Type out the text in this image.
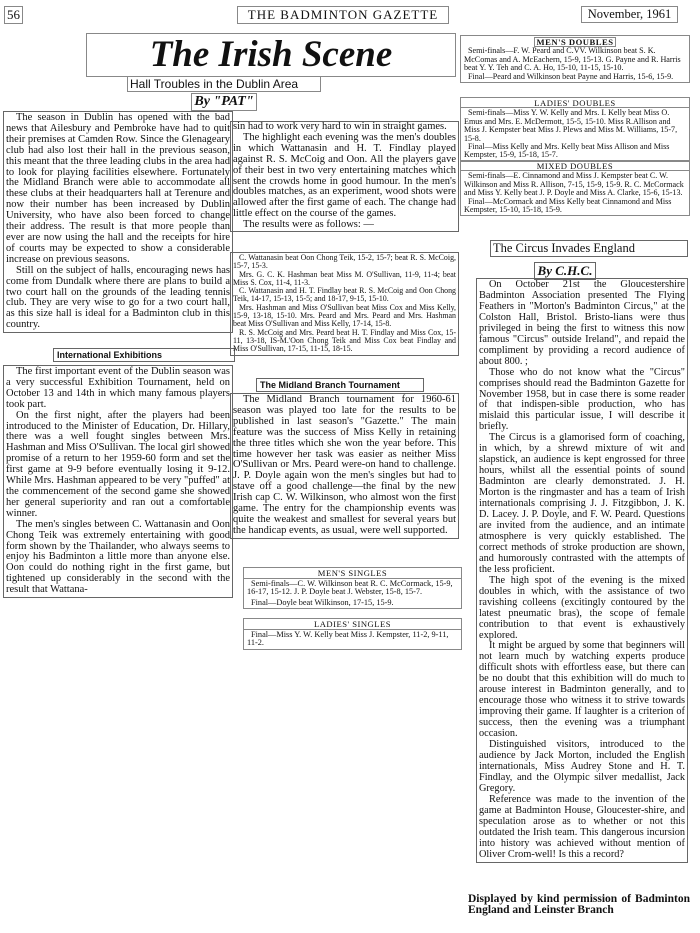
56	THE BADMINTON GAZETTE	November, 1961
The Irish Scene
Hall Troubles in the Dublin Area
By "PAT"

The season in Dublin has opened with the bad news that Ailesbury and Pembroke have had to quit their premises at Camden Row. Since the Glenageary club had also lost their hall in the previous season, this meant that the three leading clubs in the area had to look for playing facilities elsewhere. Fortunately the Midland Branch were able to accommodate all these clubs at their headquarters hall at Terenure and now their number has been increased by Dublin University, who have also been forced to change their address. The result is that more people than ever are now using the hall and the receipts for hire of courts may be expected to show a considerable increase on previous seasons.

Still on the subject of halls, encouraging news has come from Dundalk where there are plans to build a two court hall on the grounds of the leading tennis club. They are very wise to go for a two court hall, as this size hall is ideal for a Badminton club in this country.

International Exhibitions

The first important event of the Dublin season was a very successful Exhibition Tournament, held on October 13 and 14th in which many famous players took part.

On the first night, after the players had been introduced to the Minister of Education, Dr. Hillary, there was a well fought singles between Mrs. Hashman and Miss O'Sullivan. The local girl showed promise of a return to her 1959-60 form and set the first game at 9-9 before eventually losing it 9-12. While Mrs. Hashman appeared to be very "puffed" at the commencement of the second game she showed her general superiority and ran out a comfortable winner.

The men's singles between C. Wattanasin and Oon Chong Teik was extremely entertaining with good form shown by the Thailander, who always seems to enjoy his Badminton a little more than anyone else. Oon could do nothing right in the first game, but tightened up considerably in the second with the result that Wattana-

sin had to work very hard to win in straight games.

The highlight each evening was the men's doubles in which Wattanasin and H. T. Findlay played against R. S. McCoig and Oon. All the players gave of their best in two very entertaining matches which sent the crowds home in good humour. In the men's doubles matches, as an experiment, wood shots were allowed after the first game of each. The change had little effect on the course of the games.

The results were as follows: —

C. Wattanasin beat Oon Chong Teik, 15-2, 15-7; beat R. S. McCoig, 15-7, 15-3.

Mrs. G. C. K. Hashman beat Miss M. O'Sullivan, 11-9, 11-4; beat Miss S. Cox, 11-4, 11-3.

C. Wattanasin and H. T. Findlay beat R. S. McCoig and Oon Chong Teik, 14-17, 15-13, 15-5; and 18-17, 9-15, 15-10.

Mrs. Hashman and Miss O'Sullivan beat Miss Cox and Miss Kelly, 15-9, 13-18, 15-10. Mrs. Peard and Mrs. Peard and Mrs. Hashman beat Miss O'Sullivan and Miss Kelly, 17-14, 15-8.

R. S. McCoig and Mrs. Peard beat H. T. Findlay and Miss Cox, 15-11, 13-18, IS-M.'Oon Chong Teik and Miss Cox beat Findlay and Miss O'Sullivan, 17-15, 11-15, 18-15.

The Midland Branch Tournament

The Midland Branch tournament for 1960-61 season was played too late for the results to be published in last season's "Gazette." The main feature was the success of Miss Kelly in retaining the three titles which she won the year before. This time however her task was easier as neither Miss O'Sullivan or Mrs. Peard were-on hand to challenge. J. P. Doyle again won the men's singles but had to stave off a good challenge—the final by the new Irish cap C. W. Wilkinson, who almost won the first game. The entry for the championship events was quite the weakest and smallest for several years but the handicap events, as usual, were well supported.

MEN'S SINGLES

Semi-finals—C. W. Wilkinson beat R. C. McCormack, 15-9, 16-17, 15-12. J. P. Doyle beat J. Webster, 15-8, 15-7.

Final—Doyle beat Wilkinson, 17-15, 15-9.

LADIES' SINGLES

Final—Miss Y. W. Kelly beat Miss J. Kempster, 11-2, 9-11, 11-2.

MEN'S DOUBLES

Semi-finals—F. W. Peard and C.VV. Wilkinson beat S. K. McComas and A. McEachern, 15-9, 15-13. G. Payne and R. Harris beat Y. Y. Teh and C. A. Ho, 15-10, 11-15, 15-10.

Final—Peard and Wilkinson beat Payne and Harris, 15-6, 15-9.

LADIES' DOUBLES

Semi-finals—Miss Y. W. Kelly and Mrs. I. Kelly beat Miss O. Emus and Mrs. E. McDermott, 15-5, 15-10. Miss R.Allison and Miss J. Kempster beat Miss J. Plews and Miss M. Williams, 15-7, 15-8.

Final—Miss Kelly and Mrs. Kelly beat Miss Allison and Miss Kempster, 15-9, 15-18, 15-7.

MIXED DOUBLES

Semi-finals—E. Cinnamond and Miss J. Kempster beat C. W. Wilkinson and Miss R. Allison, 7-15, 15-9, 15-9. R. C. McCormack and Miss Y. Kelly beat J. P. Doyle and Miss A. Clarke, 15-6, 15-13.

Final—McCormack and Miss Kelly beat Cinnamond and Miss Kempster, 15-10, 15-18, 15-9.

The Circus Invades England
By C.H.C.

On October 21st the Gloucestershire Badminton Association presented The Flying Feathers in "Morton's Badminton Circus," at the Colston Hall, Bristol. Bristo-lians were thus privileged in being the first to witness this now famous "Circus" outside Ireland", and repaid the compliment by providing a record audience of about 800. ;

Those who do not know what the "Circus" comprises should read the Badminton Gazette for November 1958, but in case there is some reader of that indispen-sible production, who has mislaid this particular issue, I will describe it briefly.

The Circus is a glamorised form of coaching, in which, by a shrewd mixture of wit and slapstick, an audience is kept engrossed for three hours, whilst all the essential points of sound Badminton are clearly demonstrated. J. H. Morton is the ringmaster and has a team of Irish internationals comprising J. J. Fitzgibbon, J. K. D. Lacey. J. P. Doyle, and F. W. Peard. Questions are invited from the audience, and an intimate atmosphere is very quickly established. The correct methods of stroke production are shown, and humorously contrasted with the attempts of the less proficient.

The high spot of the evening is the mixed doubles in which, with the assistance of two ravishing colleens (excitingly contoured by the latest pneumatic bras), the scope of female contribution to that event is exhaustively explored.

It might be argued by some that beginners will not learn much by watching experts produce difficult shots with effortless ease, but there can be no doubt that this exhibition will do much to arouse interest in Badminton generally, and to encourage those who witness it to strive towards improving their game. If laughter is a criterion of success, then the evening was a triumphant occasion.

Distinguished visitors, introduced to the audience by Jack Morton, included the English internationals, Miss Audrey Stone and H. T. Findlay, and the Olympic silver medallist, Jack Gregory.

Reference was made to the invention of the game at Badminton House, Gloucester-shire, and speculation arose as to whether or not this outdated the Irish team. This dangerous incursion into history was achieved without mention of Oliver Crom-well! Is this a record?

Displayed by kind permission of Badminton England and Leinster Branch
